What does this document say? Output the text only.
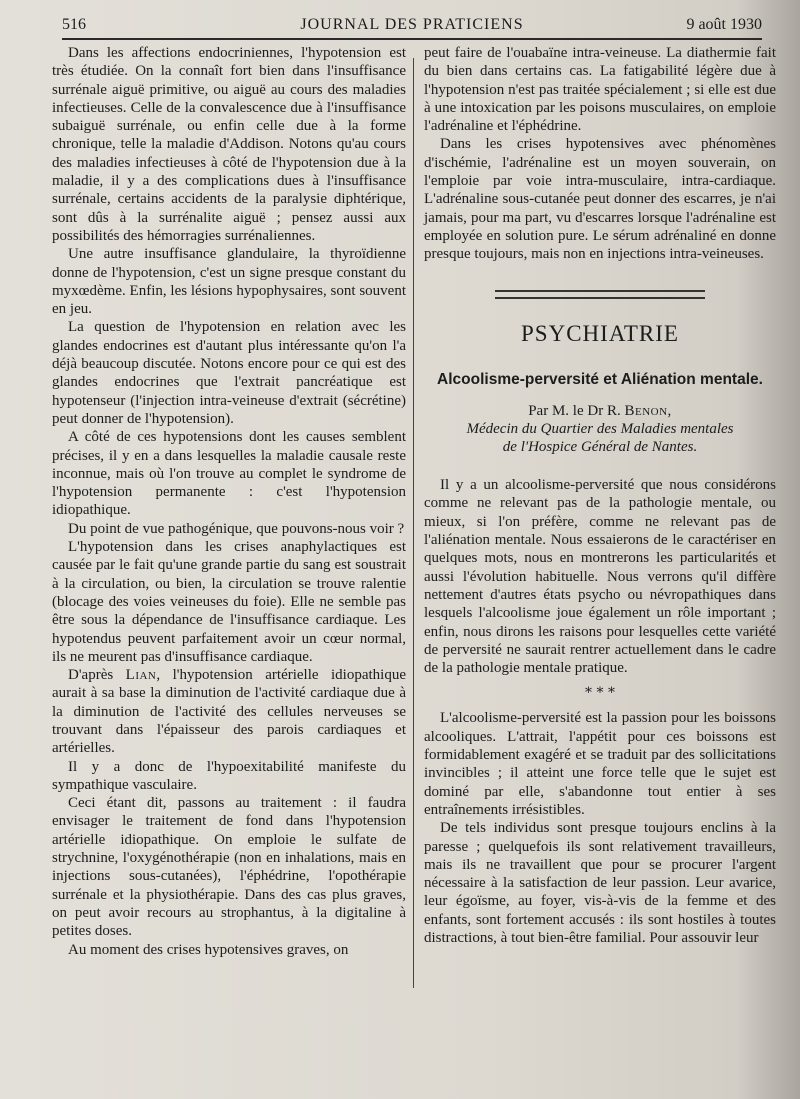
516	JOURNAL DES PRATICIENS	9 août 1930

Dans les affections endocriniennes, l'hypotension est très étudiée. On la connaît fort bien dans l'insuffisance surrénale aiguë primitive, ou aiguë au cours des maladies infectieuses. Celle de la convalescence due à l'insuffisance subaiguë surrénale, ou enfin celle due à la forme chronique, telle la maladie d'Addison. Notons qu'au cours des maladies infectieuses à côté de l'hypotension due à la maladie, il y a des complications dues à l'insuffisance surrénale, certains accidents de la paralysie diphtérique, sont dûs à la surrénalite aiguë ; pensez aussi aux possibilités des hémorragies surrénaliennes.

Une autre insuffisance glandulaire, la thyroïdienne donne de l'hypotension, c'est un signe presque constant du myxœdème. Enfin, les lésions hypophysaires, sont souvent en jeu.

La question de l'hypotension en relation avec les glandes endocrines est d'autant plus intéressante qu'on l'a déjà beaucoup discutée. Notons encore pour ce qui est des glandes endocrines que l'extrait pancréatique est hypotenseur (l'injection intra-veineuse d'extrait (sécrétine) peut donner de l'hypotension).

A côté de ces hypotensions dont les causes semblent précises, il y en a dans lesquelles la maladie causale reste inconnue, mais où l'on trouve au complet le syndrome de l'hypotension permanente : c'est l'hypotension idiopathique.

Du point de vue pathogénique, que pouvons-nous voir ?

L'hypotension dans les crises anaphylactiques est causée par le fait qu'une grande partie du sang est soustrait à la circulation, ou bien, la circulation se trouve ralentie (blocage des voies veineuses du foie). Elle ne semble pas être sous la dépendance de l'insuffisance cardiaque. Les hypotendus peuvent parfaitement avoir un cœur normal, ils ne meurent pas d'insuffisance cardiaque.

D'après Lian, l'hypotension artérielle idiopathique aurait à sa base la diminution de l'activité cardiaque due à la diminution de l'activité des cellules nerveuses se trouvant dans l'épaisseur des parois cardiaques et artérielles.

Il y a donc de l'hypoexitabilité manifeste du sympathique vasculaire.

Ceci étant dit, passons au traitement : il faudra envisager le traitement de fond dans l'hypotension artérielle idiopathique. On emploie le sulfate de strychnine, l'oxygénothérapie (non en inhalations, mais en injections sous-cutanées), l'éphédrine, l'opothérapie surrénale et la physiothérapie. Dans des cas plus graves, on peut avoir recours au strophantus, à la digitaline à petites doses.

Au moment des crises hypotensives graves, on

peut faire de l'ouabaïne intra-veineuse. La diathermie fait du bien dans certains cas. La fatigabilité légère due à l'hypotension n'est pas traitée spécialement ; si elle est due à une intoxication par les poisons musculaires, on emploie l'adrénaline et l'éphédrine.

Dans les crises hypotensives avec phénomènes d'ischémie, l'adrénaline est un moyen souverain, on l'emploie par voie intra-musculaire, intra-cardiaque. L'adrénaline sous-cutanée peut donner des escarres, je n'ai jamais, pour ma part, vu d'escarres lorsque l'adrénaline est employée en solution pure. Le sérum adrénaliné en donne presque toujours, mais non en injections intra-veineuses.

PSYCHIATRIE
Alcoolisme-perversité et Aliénation mentale.
Par M. le Dr R. Benon,
Médecin du Quartier des Maladies mentales
de l'Hospice Général de Nantes.

Il y a un alcoolisme-perversité que nous considérons comme ne relevant pas de la pathologie mentale, ou mieux, si l'on préfère, comme ne relevant pas de l'aliénation mentale. Nous essaierons de le caractériser en quelques mots, nous en montrerons les particularités et aussi l'évolution habituelle. Nous verrons qu'il diffère nettement d'autres états psycho ou névropathiques dans lesquels l'alcoolisme joue également un rôle important ; enfin, nous dirons les raisons pour lesquelles cette variété de perversité ne saurait rentrer actuellement dans le cadre de la pathologie mentale pratique.

* * *

L'alcoolisme-perversité est la passion pour les boissons alcooliques. L'attrait, l'appétit pour ces boissons est formidablement exagéré et se traduit par des sollicitations invincibles ; il atteint une force telle que le sujet est dominé par elle, s'abandonne tout entier à ses entraînements irrésistibles.

De tels individus sont presque toujours enclins à la paresse ; quelquefois ils sont relativement travailleurs, mais ils ne travaillent que pour se procurer l'argent nécessaire à la satisfaction de leur passion. Leur avarice, leur égoïsme, au foyer, vis-à-vis de la femme et des enfants, sont fortement accusés : ils sont hostiles à toutes distractions, à tout bien-être familial. Pour assouvir leur
